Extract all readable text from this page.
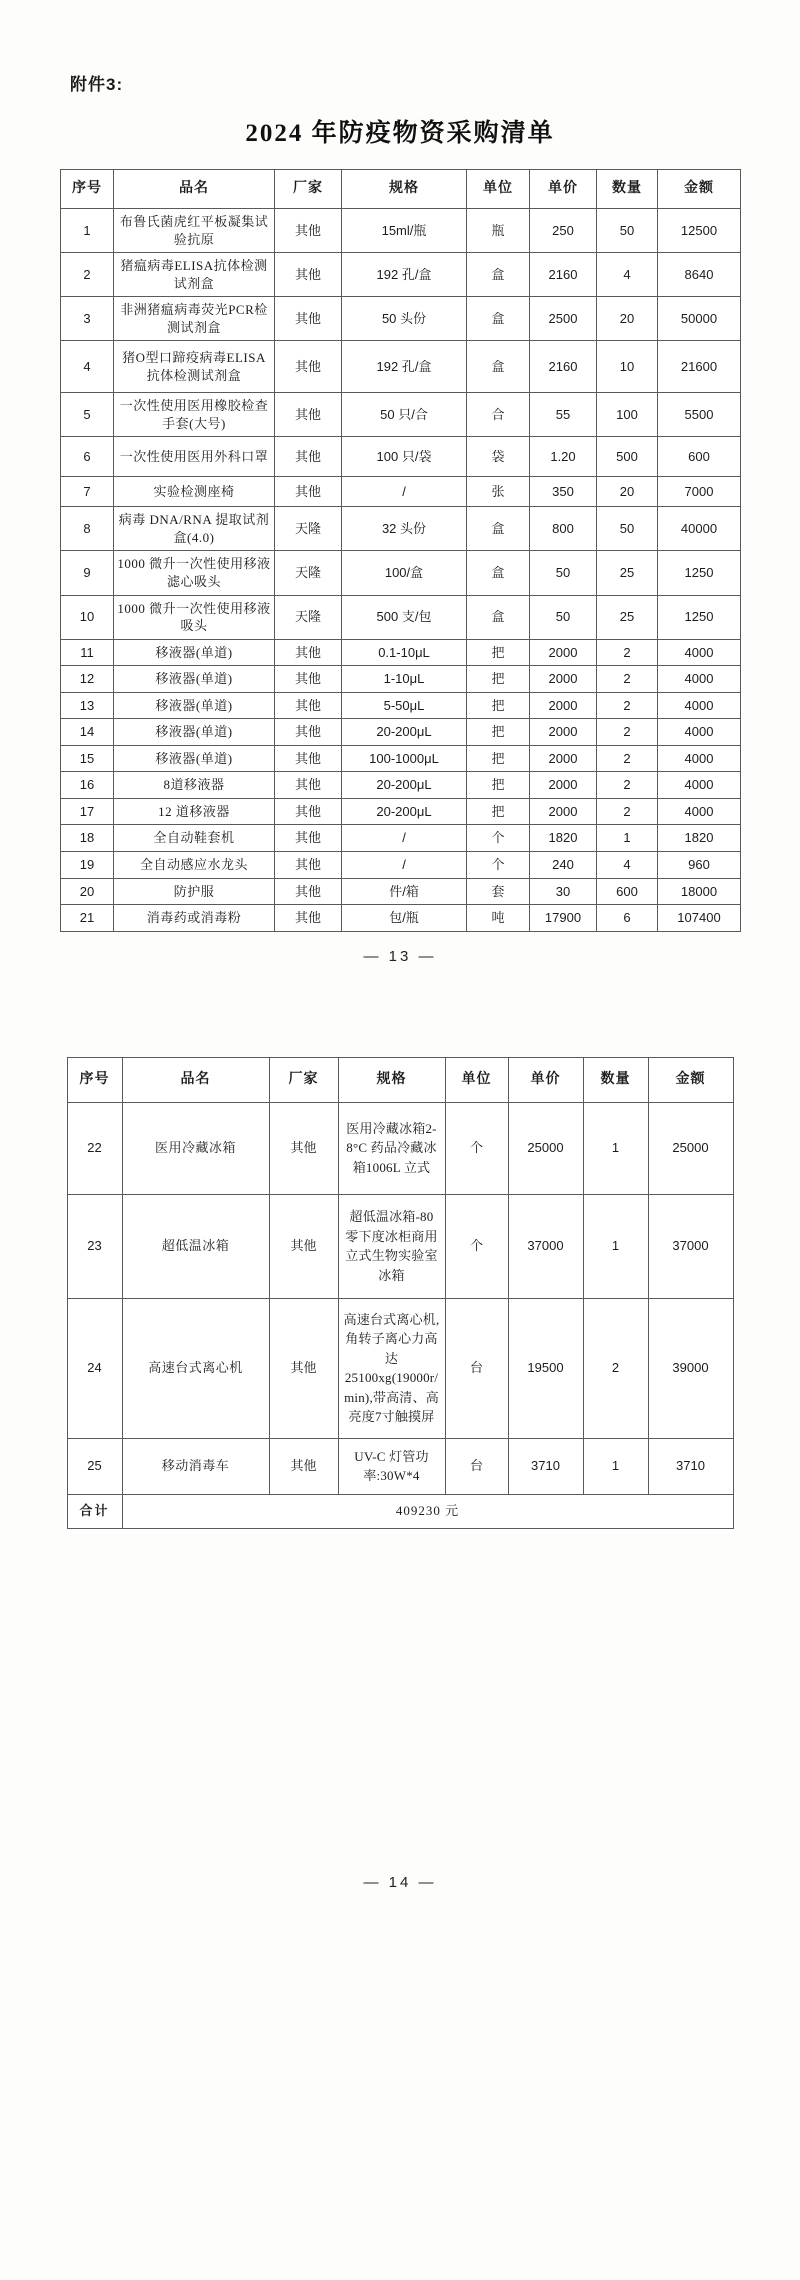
附件3:
2024 年防疫物资采购清单
序号	品名	厂家	规格	单位	单价	数量	金额
1	布鲁氏菌虎红平板凝集试验抗原	其他	15ml/瓶	瓶	250	50	12500
2	猪瘟病毒ELISA抗体检测试剂盒	其他	192 孔/盒	盒	2160	4	8640
3	非洲猪瘟病毒荧光PCR检测试剂盒	其他	50 头份	盒	2500	20	50000
4	猪O型口蹄疫病毒ELISA抗体检测试剂盒	其他	192 孔/盒	盒	2160	10	21600
5	一次性使用医用橡胶检查手套(大号)	其他	50 只/合	合	55	100	5500
6	一次性使用医用外科口罩	其他	100 只/袋	袋	1.20	500	600
7	实验检测座椅	其他	/	张	350	20	7000
8	病毒 DNA/RNA 提取试剂盒(4.0)	天隆	32 头份	盒	800	50	40000
9	1000 微升一次性使用移液滤心吸头	天隆	100/盒	盒	50	25	1250
10	1000 微升一次性使用移液吸头	天隆	500 支/包	盒	50	25	1250
11	移液器(单道)	其他	0.1-10μL	把	2000	2	4000
12	移液器(单道)	其他	1-10μL	把	2000	2	4000
13	移液器(单道)	其他	5-50μL	把	2000	2	4000
14	移液器(单道)	其他	20-200μL	把	2000	2	4000
15	移液器(单道)	其他	100-1000μL	把	2000	2	4000
16	8道移液器	其他	20-200μL	把	2000	2	4000
17	12 道移液器	其他	20-200μL	把	2000	2	4000
18	全自动鞋套机	其他	/	个	1820	1	1820
19	全自动感应水龙头	其他	/	个	240	4	960
20	防护服	其他	件/箱	套	30	600	18000
21	消毒药或消毒粉	其他	包/瓶	吨	17900	6	107400
— 13 —
序号	品名	厂家	规格	单位	单价	数量	金额
22	医用冷藏冰箱	其他	医用冷藏冰箱2-8°C 药品冷藏冰箱1006L 立式	个	25000	1	25000
23	超低温冰箱	其他	超低温冰箱-80 零下度冰柜商用立式生物实验室冰箱	个	37000	1	37000
24	高速台式离心机	其他	高速台式离心机,角转子离心力高达25100xg(19000r/min),带高清、高亮度7寸触摸屏	台	19500	2	39000
25	移动消毒车	其他	UV-C 灯管功率:30W*4	台	3710	1	3710
合计	409230 元						
— 14 —
